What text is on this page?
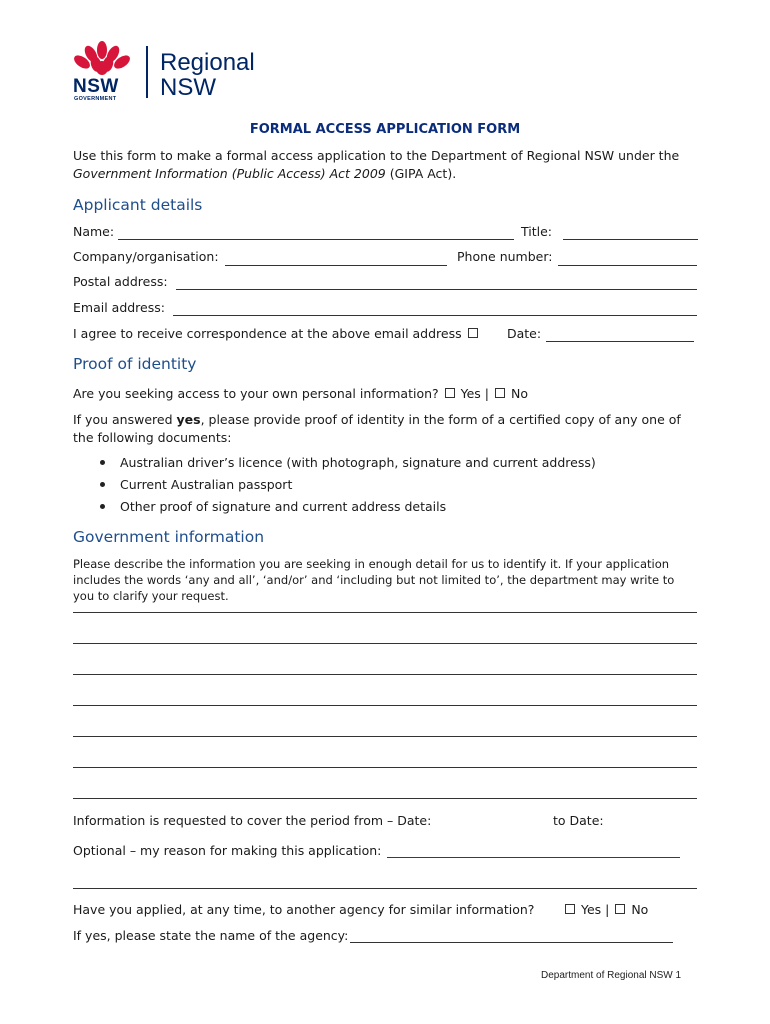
NSW
GOVERNMENT
Regional
NSW
FORMAL ACCESS APPLICATION FORM
Use this form to make a formal access application to the Department of Regional NSW under the
Government Information (Public Access) Act 2009 (GIPA Act).
Applicant details
Name:	Title:
Company/organisation:	Phone number:
Postal address:
Email address:
I agree to receive correspondence at the above email address	Date:
Proof of identity
Are you seeking access to your own personal information? Yes | No
If you answered yes, please provide proof of identity in the form of a certified copy of any one of
the following documents:
Australian driver’s licence (with photograph, signature and current address)
Current Australian passport
Other proof of signature and current address details
Government information
Please describe the information you are seeking in enough detail for us to identify it. If your application
includes the words ‘any and all’, ‘and/or’ and ‘including but not limited to’, the department may write to
you to clarify your request.
Information is requested to cover the period from – Date:	to Date:
Optional – my reason for making this application:
Have you applied, at any time, to another agency for similar information?	Yes | No
If yes, please state the name of the agency:
Department of Regional NSW 1
